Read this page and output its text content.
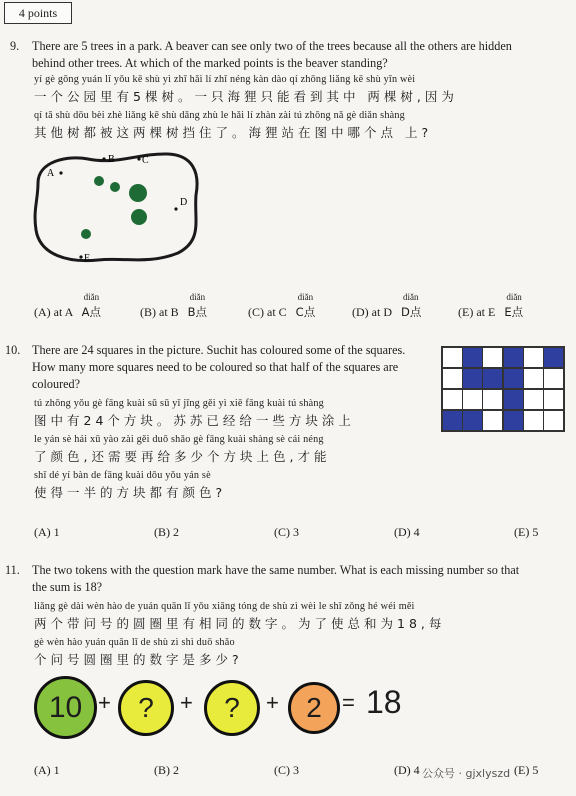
4 points
9. There are 5 trees in a park. A beaver can see only two of the trees because all the others are hidden
behind other trees. At which of the marked points is the beaver standing?
yí gè gōng yuán lǐ yǒu kē shù yì zhī hǎi lí zhǐ néng kàn dào qí zhōng liǎng kē shù yīn wèi
一个公园里有5棵树。一只海狸只能看到其中 两棵树,因为
qí tā shù dōu bèi zhè liǎng kē shù dǎng zhù le hǎi lí zhàn zài tú zhōng nǎ gè diǎn shàng
其他树都被这两棵树挡住了。海狸站在图中哪个点 上?
A
B	C
D
E
(A) at A
diǎn
A点	(B) at B
diǎn
B点	(C) at C
diǎn
C点	(D) at D
diǎn
D点	(E) at E
diǎn
E点
10. There are 24 squares in the picture. Suchit has coloured some of the squares.
How many more squares need to be coloured so that half of the squares are
coloured?
tú zhōng yǒu gè fāng kuài sū sū yǐ jīng gěi yì xiē fāng kuài tú shàng
图中有24个方块。苏苏已经给一些方块涂上
le yán sè hái xū yào zài gěi duō shǎo gè fāng kuài shàng sè cái néng
了颜色,还需要再给多少个方块上色,才能
shǐ dé yí bàn de fāng kuài dōu yǒu yán sè
使得一半的方块都有颜色?
(A) 1	(B) 2	(C) 3	(D) 4	(E) 5
11. The two tokens with the question mark have the same number. What is each missing number so that
the sum is 18?
liǎng gè dài wèn hào de yuán quān lǐ yǒu xiāng tóng de shù zì wèi le shǐ zǒng hé wéi měi
两个带问号的圆圈里有相同的数字。为了使总和为18,每
gè wèn hào yuán quān lǐ de shù zì shì duō shǎo
个问号圆圈里的数字是多少?
10 + ?	+	?	+ 2 = 18
(A) 1	(B) 2	(C) 3	(D) 4	(E) 5
公众号 · gjxlyszd
